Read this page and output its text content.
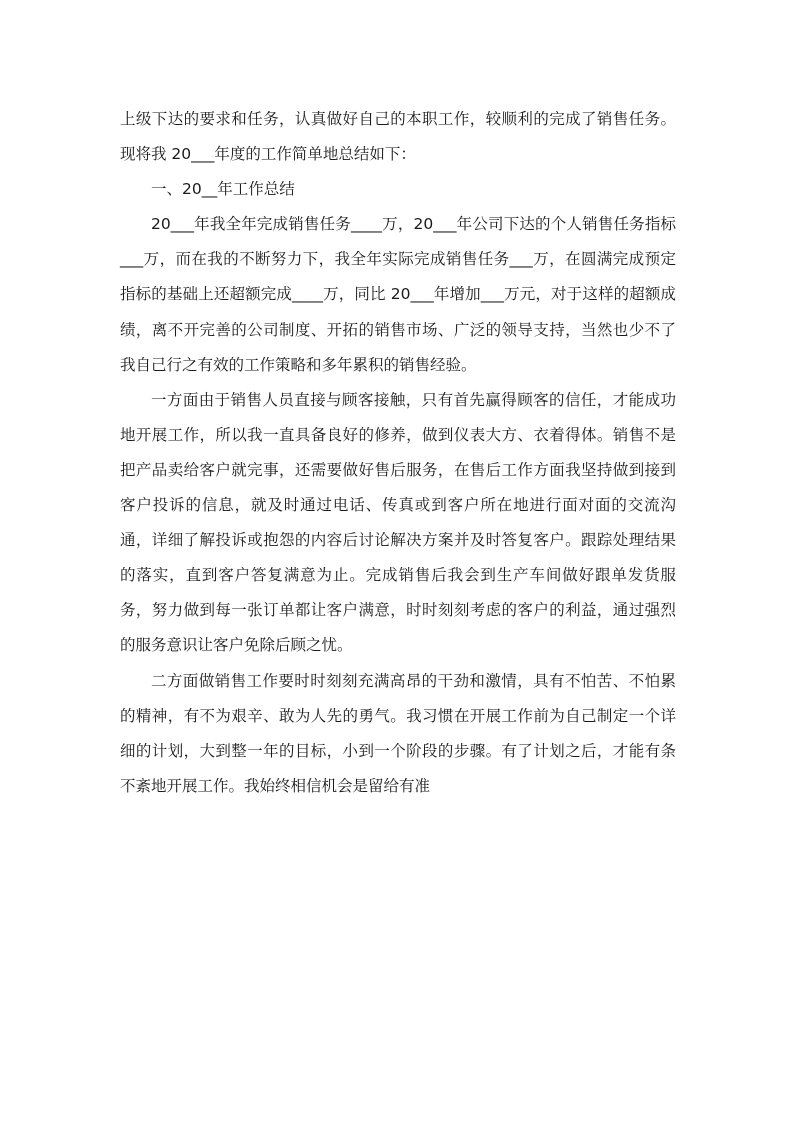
上级下达的要求和任务，认真做好自己的本职工作，较顺利的完成了销售任务。现将我 20___年度的工作简单地总结如下：

一、20__年工作总结

20___年我全年完成销售任务____万，20___年公司下达的个人销售任务指标___万，而在我的不断努力下，我全年实际完成销售任务___万，在圆满完成预定指标的基础上还超额完成____万，同比 20___年增加___万元，对于这样的超额成绩，离不开完善的公司制度、开拓的销售市场、广泛的领导支持，当然也少不了我自己行之有效的工作策略和多年累积的销售经验。

一方面由于销售人员直接与顾客接触，只有首先赢得顾客的信任，才能成功地开展工作，所以我一直具备良好的修养，做到仪表大方、衣着得体。销售不是把产品卖给客户就完事，还需要做好售后服务，在售后工作方面我坚持做到接到客户投诉的信息，就及时通过电话、传真或到客户所在地进行面对面的交流沟通，详细了解投诉或抱怨的内容后讨论解决方案并及时答复客户。跟踪处理结果的落实，直到客户答复满意为止。完成销售后我会到生产车间做好跟单发货服务，努力做到每一张订单都让客户满意，时时刻刻考虑的客户的利益，通过强烈的服务意识让客户免除后顾之忧。

二方面做销售工作要时时刻刻充满高昂的干劲和激情，具有不怕苦、不怕累的精神，有不为艰辛、敢为人先的勇气。我习惯在开展工作前为自己制定一个详细的计划，大到整一年的目标，小到一个阶段的步骤。有了计划之后，才能有条不紊地开展工作。我始终相信机会是留给有准
